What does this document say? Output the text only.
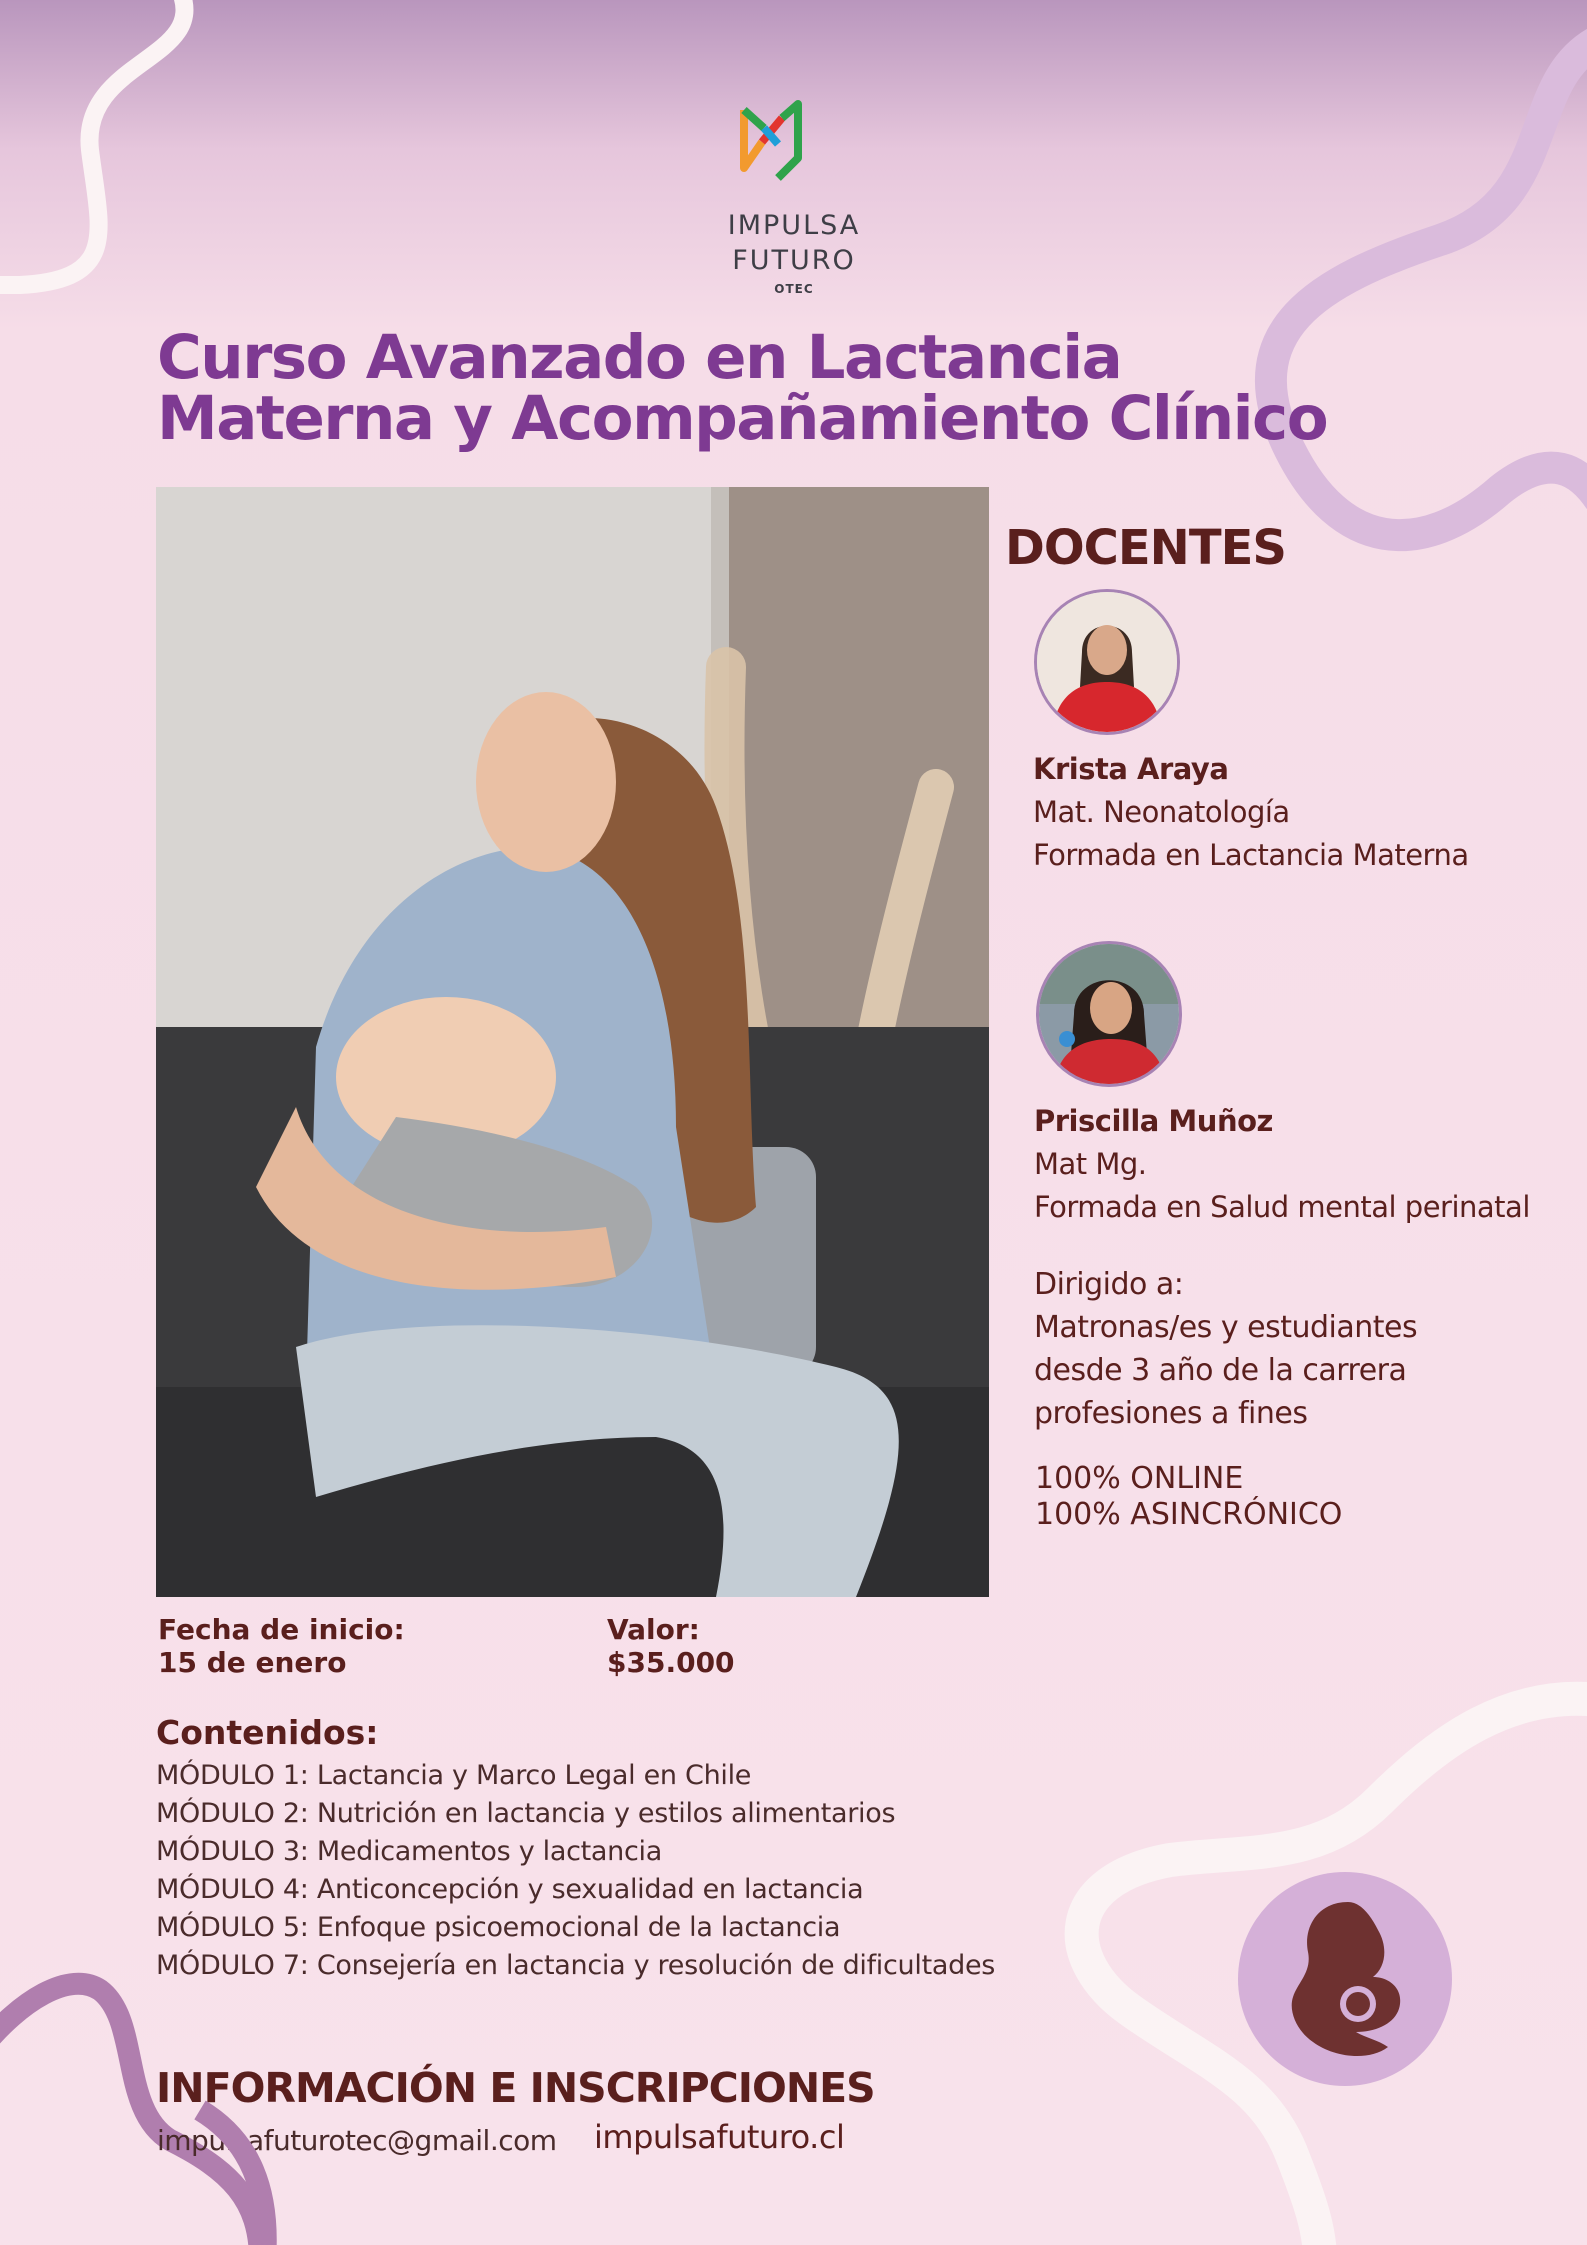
IMPULSA
FUTURO
OTEC
Curso Avanzado en Lactancia
Materna y Acompañamiento Clínico
DOCENTES
Krista Araya
Mat. Neonatología
Formada en Lactancia Materna
Priscilla Muñoz
Mat Mg.
Formada en Salud mental perinatal
Dirigido a:
Matronas/es y estudiantes
desde 3 año de la carrera
profesiones a fines
100% ONLINE
100% ASINCRÓNICO
Fecha de inicio:
15 de enero
Valor:
$35.000
Contenidos:
MÓDULO 1: Lactancia y Marco Legal en Chile
MÓDULO 2: Nutrición en lactancia y estilos alimentarios
MÓDULO 3: Medicamentos y lactancia
MÓDULO 4: Anticoncepción y sexualidad en lactancia
MÓDULO 5: Enfoque psicoemocional de la lactancia
MÓDULO 7: Consejería en lactancia y resolución de dificultades
INFORMACIÓN E INSCRIPCIONES
impulsafuturotec@gmail.com impulsafuturo.cl
